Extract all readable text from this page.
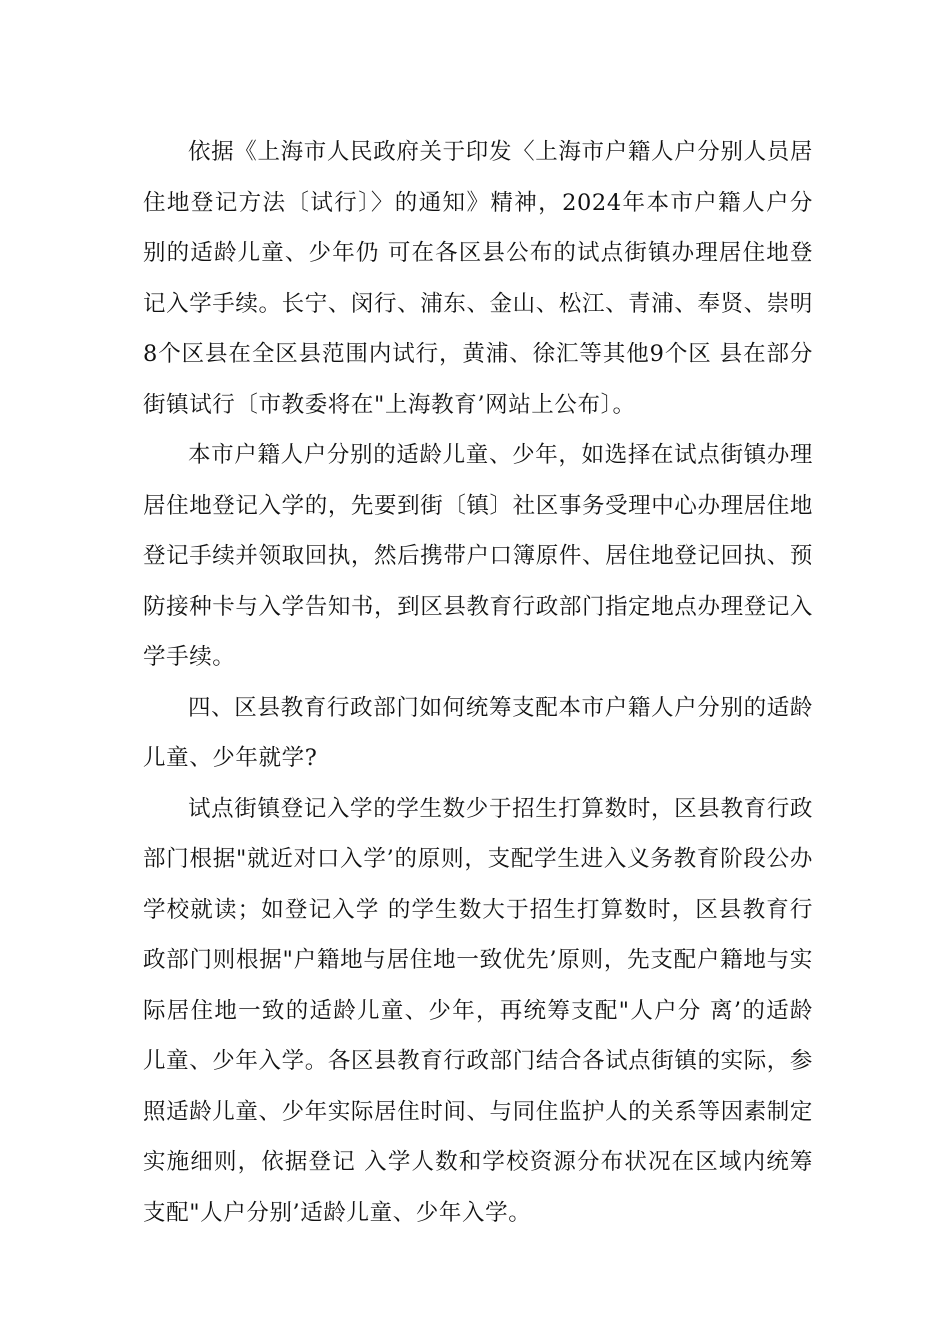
依据《上海市人民政府关于印发〈上海市户籍人户分别人员居住地登记方法〔试行〕〉的通知》精神，2024年本市户籍人户分别的适龄儿童、少年仍 可在各区县公布的试点街镇办理居住地登记入学手续。长宁、闵行、浦东、金山、松江、青浦、奉贤、崇明8个区县在全区县范围内试行，黄浦、徐汇等其他9个区 县在部分街镇试行〔市教委将在"上海教育’网站上公布〕。

本市户籍人户分别的适龄儿童、少年，如选择在试点街镇办理居住地登记入学的，先要到街〔镇〕社区事务受理中心办理居住地登记手续并领取回执，然后携带户口簿原件、居住地登记回执、预防接种卡与入学告知书，到区县教育行政部门指定地点办理登记入学手续。

四、区县教育行政部门如何统筹支配本市户籍人户分别的适龄儿童、少年就学?

试点街镇登记入学的学生数少于招生打算数时，区县教育行政部门根据"就近对口入学’的原则，支配学生进入义务教育阶段公办学校就读；如登记入学 的学生数大于招生打算数时，区县教育行政部门则根据"户籍地与居住地一致优先’原则，先支配户籍地与实际居住地一致的适龄儿童、少年，再统筹支配"人户分 离’的适龄儿童、少年入学。各区县教育行政部门结合各试点街镇的实际，参照适龄儿童、少年实际居住时间、与同住监护人的关系等因素制定实施细则，依据登记 入学人数和学校资源分布状况在区域内统筹支配"人户分别’适龄儿童、少年入学。
